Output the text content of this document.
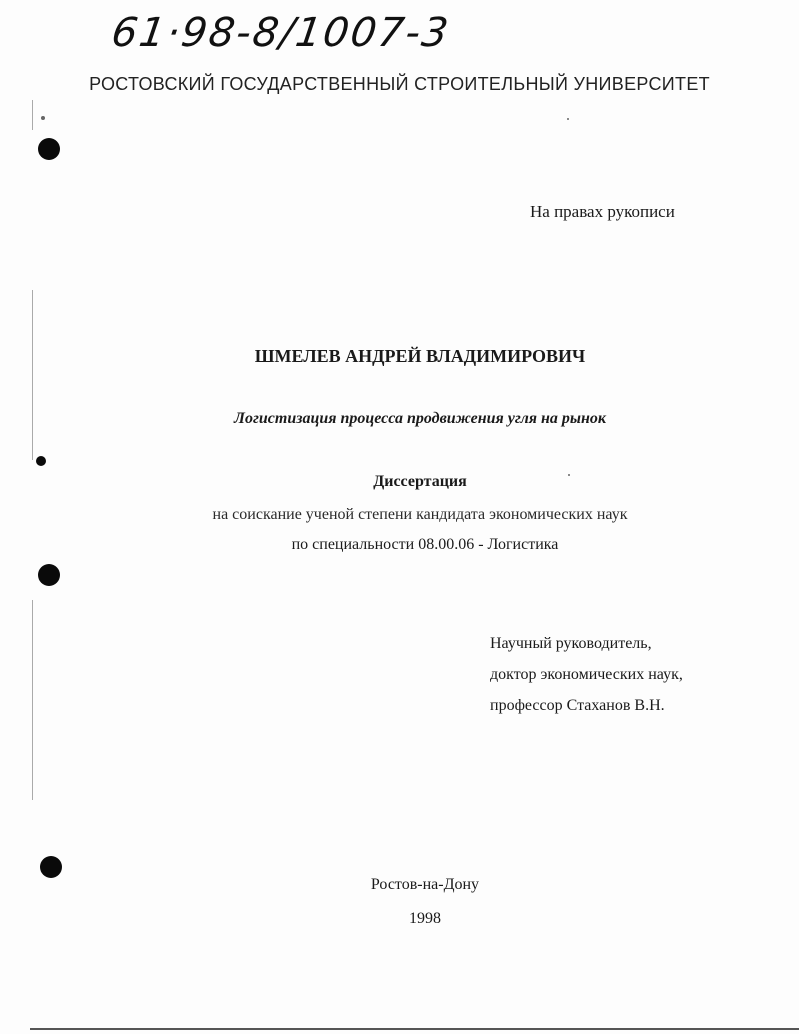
61·98-8/1007-3
РОСТОВСКИЙ ГОСУДАРСТВЕННЫЙ СТРОИТЕЛЬНЫЙ УНИВЕРСИТЕТ
На правах рукописи
ШМЕЛЕВ АНДРЕЙ ВЛАДИМИРОВИЧ
Логистизация процесса продвижения угля на рынок
Диссертация
на соискание ученой степени кандидата экономических наук
по специальности 08.00.06 - Логистика
Научный руководитель,
доктор экономических наук,
профессор Стаханов В.Н.
Ростов-на-Дону
1998
